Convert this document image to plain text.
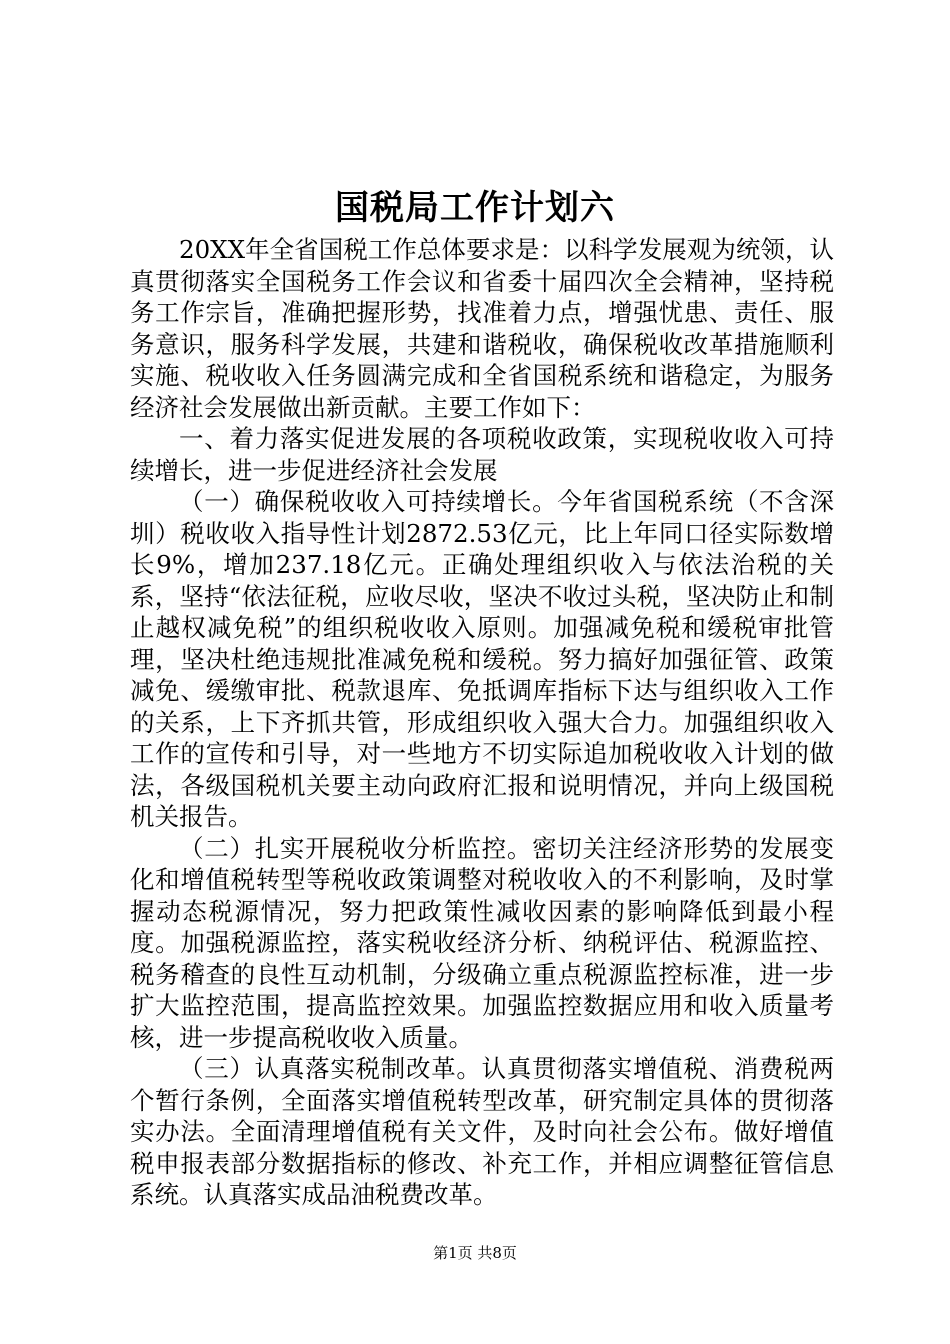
国税局工作计划六

20XX年全省国税工作总体要求是：以科学发展观为统领，认真贯彻落实全国税务工作会议和省委十届四次全会精神，坚持税务工作宗旨，准确把握形势，找准着力点，增强忧患、责任、服务意识，服务科学发展，共建和谐税收，确保税收改革措施顺利实施、税收收入任务圆满完成和全省国税系统和谐稳定，为服务经济社会发展做出新贡献。主要工作如下：

一、着力落实促进发展的各项税收政策，实现税收收入可持续增长，进一步促进经济社会发展

（一）确保税收收入可持续增长。今年省国税系统（不含深圳）税收收入指导性计划2872.53亿元，比上年同口径实际数增长9%，增加237.18亿元。正确处理组织收入与依法治税的关系，坚持“依法征税，应收尽收，坚决不收过头税，坚决防止和制止越权减免税”的组织税收收入原则。加强减免税和缓税审批管理，坚决杜绝违规批准减免税和缓税。努力搞好加强征管、政策减免、缓缴审批、税款退库、免抵调库指标下达与组织收入工作的关系，上下齐抓共管，形成组织收入强大合力。加强组织收入工作的宣传和引导，对一些地方不切实际追加税收收入计划的做法，各级国税机关要主动向政府汇报和说明情况，并向上级国税机关报告。

（二）扎实开展税收分析监控。密切关注经济形势的发展变化和增值税转型等税收政策调整对税收收入的不利影响，及时掌握动态税源情况，努力把政策性减收因素的影响降低到最小程度。加强税源监控，落实税收经济分析、纳税评估、税源监控、税务稽查的良性互动机制，分级确立重点税源监控标准，进一步扩大监控范围，提高监控效果。加强监控数据应用和收入质量考核，进一步提高税收收入质量。

（三）认真落实税制改革。认真贯彻落实增值税、消费税两个暂行条例，全面落实增值税转型改革，研究制定具体的贯彻落实办法。全面清理增值税有关文件，及时向社会公布。做好增值税申报表部分数据指标的修改、补充工作，并相应调整征管信息系统。认真落实成品油税费改革。

第1页 共8页
